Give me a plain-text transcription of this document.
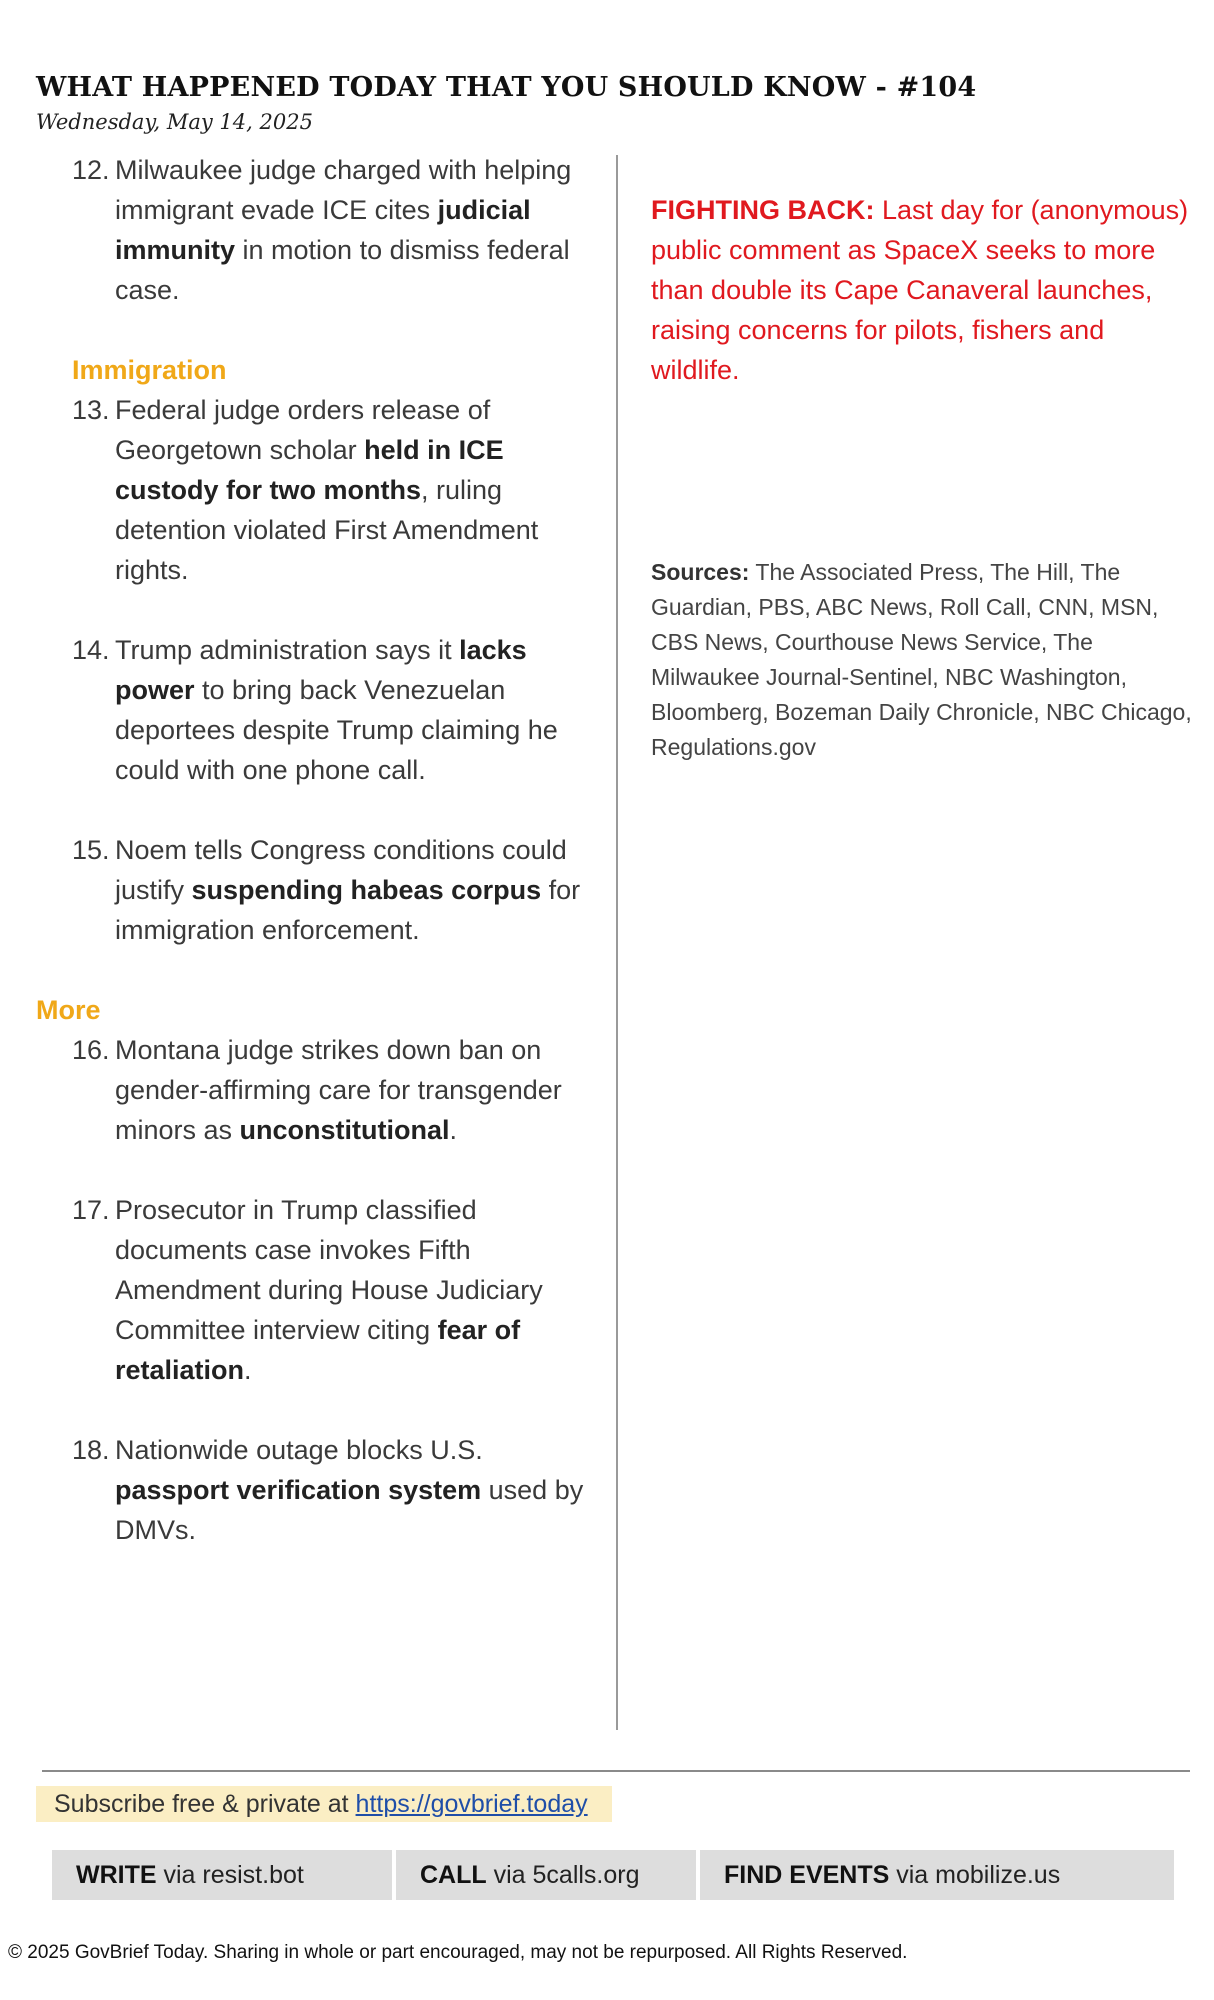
WHAT HAPPENED TODAY THAT YOU SHOULD KNOW - #104
Wednesday, May 14, 2025
12. Milwaukee judge charged with helping immigrant evade ICE cites judicial immunity in motion to dismiss federal case.
Immigration
13. Federal judge orders release of Georgetown scholar held in ICE custody for two months, ruling detention violated First Amendment rights.
14. Trump administration says it lacks power to bring back Venezuelan deportees despite Trump claiming he could with one phone call.
15. Noem tells Congress conditions could justify suspending habeas corpus for immigration enforcement.
More
16. Montana judge strikes down ban on gender-affirming care for transgender minors as unconstitutional.
17. Prosecutor in Trump classified documents case invokes Fifth Amendment during House Judiciary Committee interview citing fear of retaliation.
18. Nationwide outage blocks U.S. passport verification system used by DMVs.
FIGHTING BACK: Last day for (anonymous) public comment as SpaceX seeks to more than double its Cape Canaveral launches, raising concerns for pilots, fishers and wildlife.
Sources: The Associated Press, The Hill, The Guardian, PBS, ABC News, Roll Call, CNN, MSN, CBS News, Courthouse News Service, The Milwaukee Journal-Sentinel, NBC Washington, Bloomberg, Bozeman Daily Chronicle, NBC Chicago, Regulations.gov
Subscribe free & private at https://govbrief.today
WRITE via resist.bot	CALL via 5calls.org	FIND EVENTS via mobilize.us
© 2025 GovBrief Today. Sharing in whole or part encouraged, may not be repurposed. All Rights Reserved.
